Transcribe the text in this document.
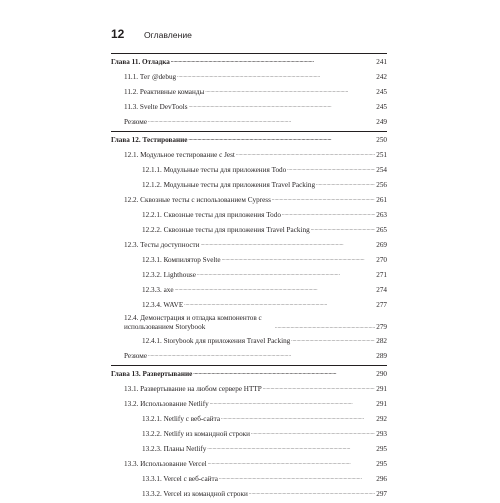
12	Оглавление
Глава 11. Отладка . . .	241
11.1. Тег @debug . . .	242
11.2. Реактивные команды . . .	245
11.3. Svelte DevTools . . .	245
Резюме . . .	249
Глава 12. Тестирование . . .	250
12.1. Модульное тестирование с Jest . . .	251
12.1.1. Модульные тесты для приложения Todo . . .	254
12.1.2. Модульные тесты для приложения Travel Packing . . .	256
12.2. Сквозные тесты с использованием Cypress . . .	261
12.2.1. Сквозные тесты для приложения Todo . . .	263
12.2.2. Сквозные тесты для приложения Travel Packing . . .	265
12.3. Тесты доступности . . .	269
12.3.1. Компилятор Svelte . . .	270
12.3.2. Lighthouse . . .	271
12.3.3. axe . . .	274
12.3.4. WAVE . . .	277
12.4. Демонстрация и отладка компонентов с использованием Storybook . . .	279
12.4.1. Storybook для приложения Travel Packing . . .	282
Резюме . . .	289
Глава 13. Развертывание . . .	290
13.1. Развертывание на любом сервере HTTP . . .	291
13.2. Использование Netlify . . .	291
13.2.1. Netlify с веб-сайта . . .	292
13.2.2. Netlify из командной строки . . .	293
13.2.3. Планы Netlify . . .	295
13.3. Использование Vercel . . .	295
13.3.1. Vercel с веб-сайта . . .	296
13.3.2. Vercel из командной строки . . .	297
